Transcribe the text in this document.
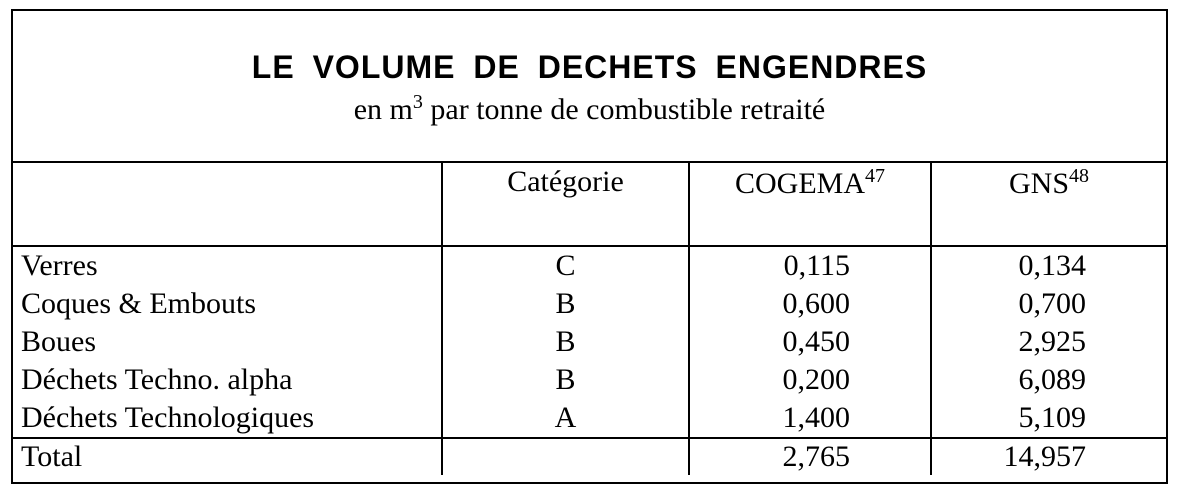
LE VOLUME DE DECHETS ENGENDRES
en $m^3$ par tonne de combustible retraité
	Catégorie	COGEMA$^{47}$	GNS$^{48}$
Verres	C	0,115	0,134
Coques & Embouts	B	0,600	0,700
Boues	B	0,450	2,925
Déchets Techno. alpha	B	0,200	6,089
Déchets Technologiques	A	1,400	5,109
Total		2,765	14,957
